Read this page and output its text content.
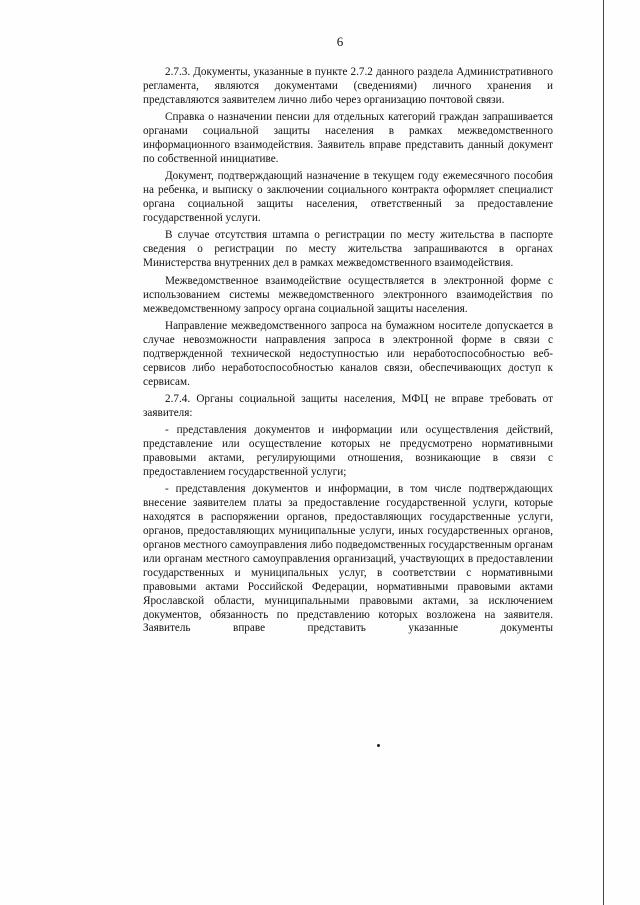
6

2.7.3. Документы, указанные в пункте 2.7.2 данного раздела Административного регламента, являются документами (сведениями) личного хранения и представляются заявителем лично либо через организацию почтовой связи.

Справка о назначении пенсии для отдельных категорий граждан запрашивается органами социальной защиты населения в рамках межведомственного информационного взаимодействия. Заявитель вправе представить данный документ по собственной инициативе.

Документ, подтверждающий назначение в текущем году ежемесячного пособия на ребенка, и выписку о заключении социального контракта оформляет специалист органа социальной защиты населения, ответственный за предоставление государственной услуги.

В случае отсутствия штампа о регистрации по месту жительства в паспорте сведения о регистрации по месту жительства запрашиваются в органах Министерства внутренних дел в рамках межведомственного взаимодействия.

Межведомственное взаимодействие осуществляется в электронной форме с использованием системы межведомственного электронного взаимодействия по межведомственному запросу органа социальной защиты населения.

Направление межведомственного запроса на бумажном носителе допускается в случае невозможности направления запроса в электронной форме в связи с подтвержденной технической недоступностью или неработоспособностью веб-сервисов либо неработоспособностью каналов связи, обеспечивающих доступ к сервисам.

2.7.4. Органы социальной защиты населения, МФЦ не вправе требовать от заявителя:

- представления документов и информации или осуществления действий, представление или осуществление которых не предусмотрено нормативными правовыми актами, регулирующими отношения, возникающие в связи с предоставлением государственной услуги;

- представления документов и информации, в том числе подтверждающих внесение заявителем платы за предоставление государственной услуги, которые находятся в распоряжении органов, предоставляющих государственные услуги, органов, предоставляющих муниципальные услуги, иных государственных органов, органов местного самоуправления либо подведомственных государственным органам или органам местного самоуправления организаций, участвующих в предоставлении государственных и муниципальных услуг, в соответствии с нормативными правовыми актами Российской Федерации, нормативными правовыми актами Ярославской области, муниципальными правовыми актами, за исключением документов, обязанность по представлению которых возложена на заявителя. Заявитель вправе представить указанные документы
